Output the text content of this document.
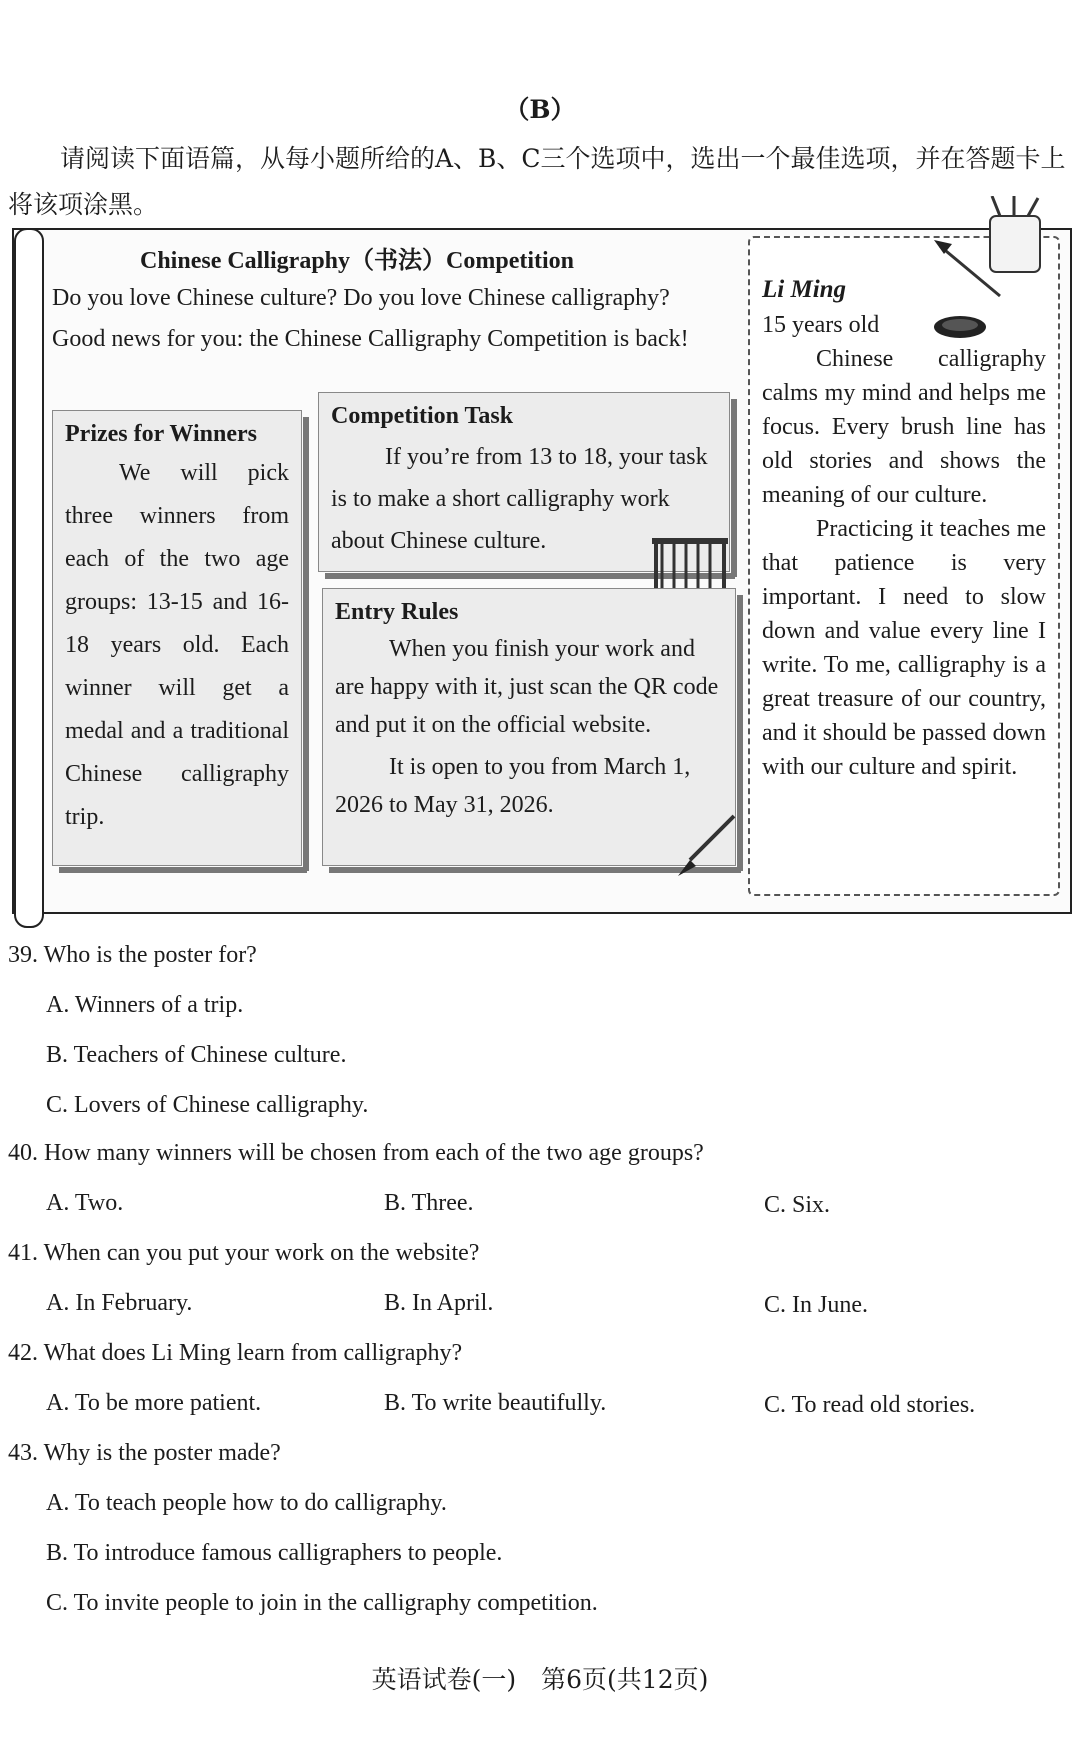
（B）
请阅读下面语篇，从每小题所给的A、B、C三个选项中，选出一个最佳选项，并在答题卡上将该项涂黑。
Chinese Calligraphy（书法）Competition
Do you love Chinese culture? Do you love Chinese calligraphy? Good news for you: the Chinese Calligraphy Competition is back!
Prizes for Winners

We will pick three winners from each of the two age groups: 13-15 and 16-18 years old. Each winner will get a medal and a traditional Chinese calligraphy trip.

Competition Task

If you’re from 13 to 18, your task is to make a short calligraphy work about Chinese culture.

Entry Rules

When you finish your work and are happy with it, just scan the QR code and put it on the official website.

It is open to you from March 1, 2026 to May 31, 2026.

Li Ming
15 years old

Chinese calligraphy calms my mind and helps me focus. Every brush line has old stories and shows the meaning of our culture.

Practicing it teaches me that patience is very important. I need to slow down and value every line I write. To me, calligraphy is a great treasure of our country, and it should be passed down with our culture and spirit.

39. Who is the poster for?
A. Winners of a trip.
B. Teachers of Chinese culture.
C. Lovers of Chinese calligraphy.
40. How many winners will be chosen from each of the two age groups?
A. Two.	B. Three.	C. Six.
41. When can you put your work on the website?
A. In February.	B. In April.	C. In June.
42. What does Li Ming learn from calligraphy?
A. To be more patient.	B. To write beautifully.	C. To read old stories.
43. Why is the poster made?
A. To teach people how to do calligraphy.
B. To introduce famous calligraphers to people.
C. To invite people to join in the calligraphy competition.
英语试卷(一)　第6页(共12页)
